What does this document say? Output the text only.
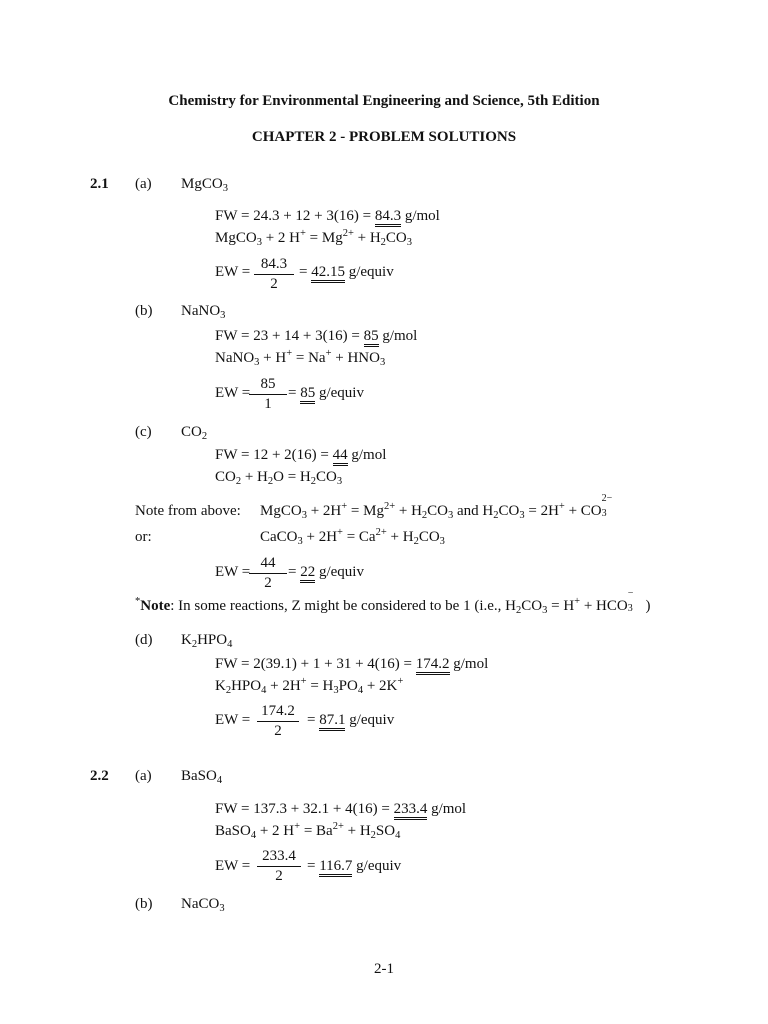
Chemistry for Environmental Engineering and Science, 5th Edition
CHAPTER 2 - PROBLEM SOLUTIONS
2.1 (a) MgCO$_3$
FW = 24.3 + 12 + 3(16) = 84.3 g/mol
MgCO$_3$ + 2 $H^+ = Mg^{2+} + H_2CO_3$
EW = $\frac{84.3}{2} = 42.15$ g/equiv
(b) NaNO$_3$
FW = 23 + 14 + 3(16) = 85 g/mol
NaNO$_3$ + $H^+ = Na^+ + HNO_3$
EW =
$\frac{85}{1} = 85$ g/equiv
(c) $CO_2$
FW = 12 + 2(16) = 44 g/mol
$CO_2 + H_2O = H_2CO_3$
Note from above: MgCO$_3$ + $2H^+ = Mg^{2+} + H_2CO_3$ and $H_2CO_3 = 2H^+$ + CO
2−
3
or:	CaCO$_3$ + $2H^+ = Ca^{2+} + H_2CO_3$
EW =
$\frac{44}{2} = 22$ g/equiv
*Note: In some reactions, Z might be considered to be 1 (i.e., $H_2CO_3 = H^+$ + HCO
−
3 )
(d) $K_2HPO_4$
FW = 2(39.1) + 1 + 31 + 4(16) = 174.2 g/mol
$K_2HPO_4 + 2H^+ = H_3PO_4 + 2K^+$
EW = $\frac{174.2}{2} = 87.1$ g/equiv
2.2 (a) BaSO$_4$
FW = 137.3 + 32.1 + 4(16) = 233.4 g/mol
BaSO$_4$ + 2 $H^+ = Ba^{2+} + H_2SO_4$
EW = $\frac{233.4}{2} = 116.7$ g/equiv
(b) NaCO$_3$
2-1
